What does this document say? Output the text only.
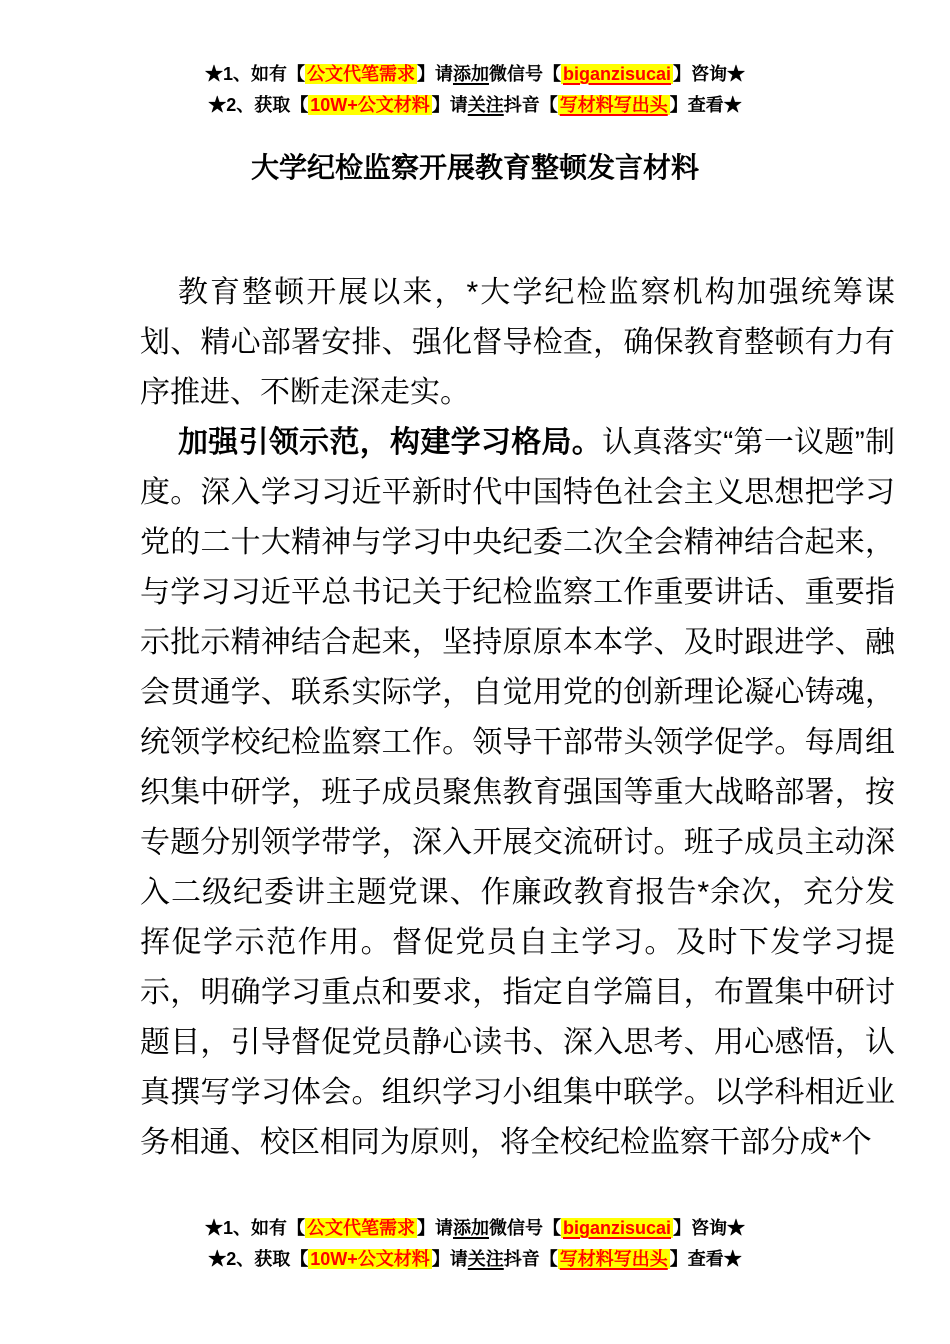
★1、如有【 公文代笔需求 】请添加微信号【 biganzisucai 】咨询★
★2、获取【 10W+公文材料 】请关注抖音【 写材料写出头 】查看★
大学纪检监察开展教育整顿发言材料

教育整顿开展以来，*大学纪检监察机构加强统筹谋划、精心部署安排、强化督导检查，确保教育整顿有力有序推进、不断走深走实。

加强引领示范，构建学习格局。认真落实“第一议题”制度。深入学习习近平新时代中国特色社会主义思想把学习党的二十大精神与学习中央纪委二次全会精神结合起来，与学习习近平总书记关于纪检监察工作重要讲话、重要指示批示精神结合起来，坚持原原本本学、及时跟进学、融会贯通学、联系实际学，自觉用党的创新理论凝心铸魂，统领学校纪检监察工作。领导干部带头领学促学。每周组织集中研学，班子成员聚焦教育强国等重大战略部署，按专题分别领学带学，深入开展交流研讨。班子成员主动深入二级纪委讲主题党课、作廉政教育报告*余次，充分发挥促学示范作用。督促党员自主学习。及时下发学习提示，明确学习重点和要求，指定自学篇目，布置集中研讨题目，引导督促党员静心读书、深入思考、用心感悟，认真撰写学习体会。组织学习小组集中联学。以学科相近业务相通、校区相同为原则，将全校纪检监察干部分成*个

★1、如有【 公文代笔需求 】请添加微信号【 biganzisucai 】咨询★
★2、获取【 10W+公文材料 】请关注抖音【 写材料写出头 】查看★
